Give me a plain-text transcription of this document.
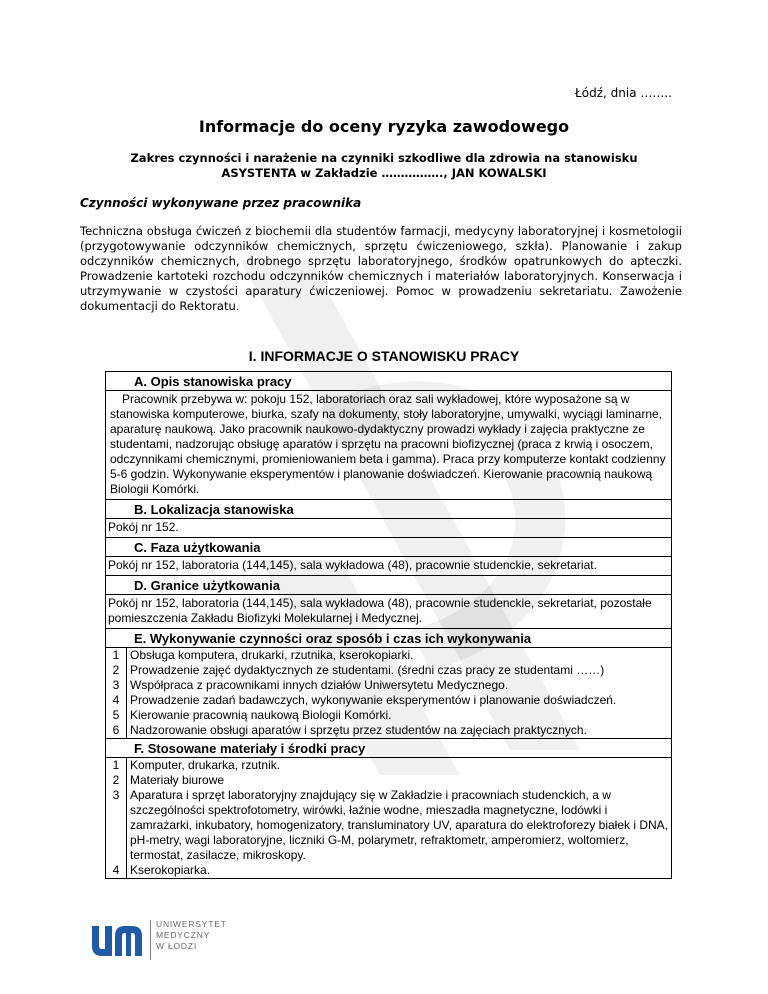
Łódź, dnia ……..
Informacje do oceny ryzyka zawodowego
Zakres czynności i narażenie na czynniki szkodliwe dla zdrowia na stanowisku
ASYSTENTA w Zakładzie ……………., JAN KOWALSKI
Czynności wykonywane przez pracownika
Techniczna obsługa ćwiczeń z biochemii dla studentów farmacji, medycyny laboratoryjnej i kosmetologii (przygotowywanie odczynników chemicznych, sprzętu ćwiczeniowego, szkła). Planowanie i zakup odczynników chemicznych, drobnego sprzętu laboratoryjnego, środków opatrunkowych do apteczki. Prowadzenie kartoteki rozchodu odczynników chemicznych i materiałów laboratoryjnych. Konserwacja i utrzymywanie w czystości aparatury ćwiczeniowej. Pomoc w prowadzeniu sekretariatu. Zawożenie dokumentacji do Rektoratu.
I. INFORMACJE O STANOWISKU PRACY
A. Opis stanowiska pracy
Pracownik przebywa w: pokoju 152, laboratoriach oraz sali wykładowej, które wyposażone są w stanowiska komputerowe, biurka, szafy na dokumenty, stoły laboratoryjne, umywalki, wyciągi laminarne, aparaturę naukową. Jako pracownik naukowo-dydaktyczny prowadzi wykłady i zajęcia praktyczne ze studentami, nadzorując obsługę aparatów i sprzętu na pracowni biofizycznej (praca z krwią i osoczem, odczynnikami chemicznymi, promieniowaniem beta i gamma). Praca przy komputerze kontakt codzienny 5-6 godzin. Wykonywanie eksperymentów i planowanie doświadczeń. Kierowanie pracownią naukową Biologii Komórki.
B. Lokalizacja stanowiska
Pokój nr 152.
C. Faza użytkowania
Pokój nr 152, laboratoria (144,145), sala wykładowa (48), pracownie studenckie, sekretariat.
D. Granice użytkowania
Pokój nr 152, laboratoria (144,145), sala wykładowa (48), pracownie studenckie, sekretariat, pozostałe pomieszczenia Zakładu Biofizyki Molekularnej i Medycznej.
E. Wykonywanie czynności oraz sposób i czas ich wykonywania
1 Obsługa komputera, drukarki, rzutnika, kserokopiarki.
2 Prowadzenie zajęć dydaktycznych ze studentami. (średni czas pracy ze studentami ……)
3 Współpraca z pracownikami innych działów Uniwersytetu Medycznego.
4 Prowadzenie zadań badawczych, wykonywanie eksperymentów i planowanie doświadczeń.
5 Kierowanie pracownią naukową Biologii Komórki.
6 Nadzorowanie obsługi aparatów i sprzętu przez studentów na zajęciach praktycznych.
F. Stosowane materiały i środki pracy
1 Komputer, drukarka, rzutnik.
2 Materiały biurowe
3 Aparatura i sprzęt laboratoryjny znajdujący się w Zakładzie i pracowniach studenckich, a w szczególności spektrofotometry, wirówki, łaźnie wodne, mieszadła magnetyczne, lodówki i zamrażarki, inkubatory, homogenizatory, transluminatory UV, aparatura do elektroforezy białek i DNA, pH-metry, wagi laboratoryjne, liczniki G-M, polarymetr, refraktometr, amperomierz, woltomierz, termostat, zasilacze, mikroskopy.
4 Kserokopiarka.
UNIWERSYTET
MEDYCZNY
W ŁODZI
